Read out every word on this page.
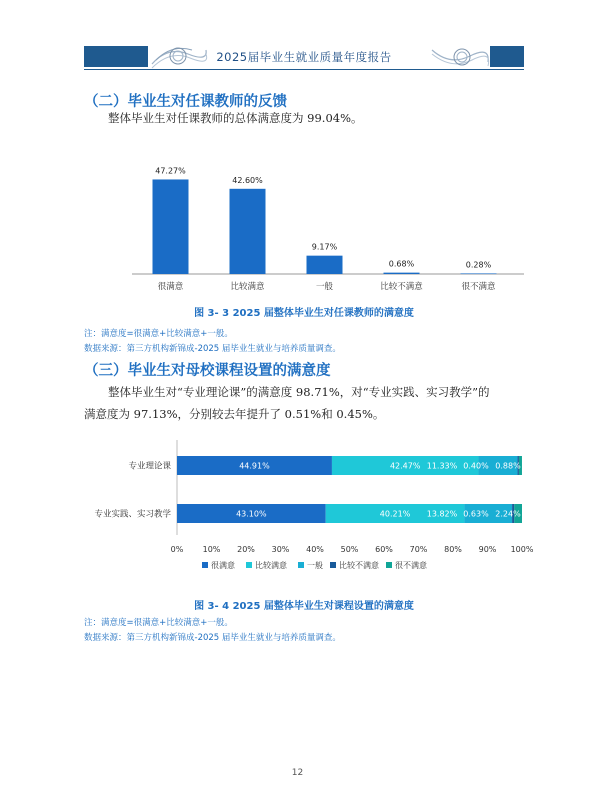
2025届毕业生就业质量年度报告
（二）毕业生对任课教师的反馈
整体毕业生对任课教师的总体满意度为 99.04%。
47.27%
很满意
42.60%
比较满意
9.17%
一般
0.68%
比较不满意
0.28%
很不满意
图 3- 3 2025 届整体毕业生对任课教师的满意度
注：满意度=很满意+比较满意+一般。
数据来源：第三方机构新锦成-2025 届毕业生就业与培养质量调查。
（三）毕业生对母校课程设置的满意度
整体毕业生对“专业理论课”的满意度 98.71%，对“专业实践、实习教学”的
满意度为 97.13%，分别较去年提升了 0.51%和 0.45%。
专业理论课	44.91%	42.47% 11.33% 0.40% 0.88%
专业实践、实习教学	43.10%	40.21% 13.82% 0.63% 2.24%
0% 10% 20% 30% 40% 50% 60% 70% 80% 90% 100%
很满意	比较满意	一般 比较不满意 很不满意
图 3- 4 2025 届整体毕业生对课程设置的满意度
注：满意度=很满意+比较满意+一般。
数据来源：第三方机构新锦成-2025 届毕业生就业与培养质量调查。
12
